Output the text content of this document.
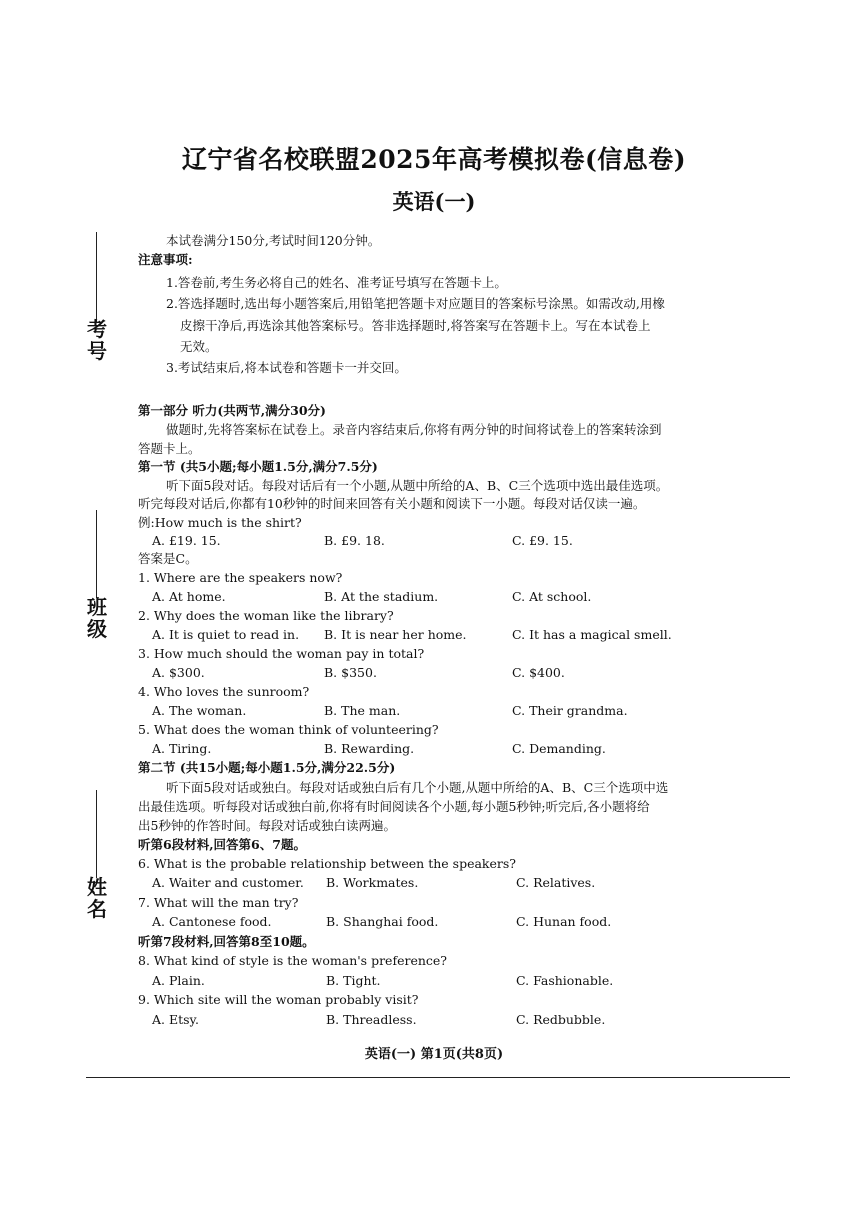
辽宁省名校联盟2025年高考模拟卷(信息卷)
英语(一)
考号
班级
姓名
本试卷满分150分,考试时间120分钟。
注意事项:
1.答卷前,考生务必将自己的姓名、准考证号填写在答题卡上。
2.答选择题时,选出每小题答案后,用铅笔把答题卡对应题目的答案标号涂黑。如需改动,用橡
皮擦干净后,再选涂其他答案标号。答非选择题时,将答案写在答题卡上。写在本试卷上
无效。
3.考试结束后,将本试卷和答题卡一并交回。
第一部分 听力(共两节,满分30分)
做题时,先将答案标在试卷上。录音内容结束后,你将有两分钟的时间将试卷上的答案转涂到
答题卡上。
第一节 (共5小题;每小题1.5分,满分7.5分)
听下面5段对话。每段对话后有一个小题,从题中所给的A、B、C三个选项中选出最佳选项。
听完每段对话后,你都有10秒钟的时间来回答有关小题和阅读下一小题。每段对话仅读一遍。
例:How much is the shirt?
A. £19. 15.	B. £9. 18.	C. £9. 15.
答案是C。
1. Where are the speakers now?
A. At home.	B. At the stadium.	C. At school.
2. Why does the woman like the library?
A. It is quiet to read in. B. It is near her home.	C. It has a magical smell.
3. How much should the woman pay in total?
A. $300.	B. $350.	C. $400.
4. Who loves the sunroom?
A. The woman.	B. The man.	C. Their grandma.
5. What does the woman think of volunteering?
A. Tiring.	B. Rewarding.	C. Demanding.
第二节 (共15小题;每小题1.5分,满分22.5分)
听下面5段对话或独白。每段对话或独白后有几个小题,从题中所给的A、B、C三个选项中选
出最佳选项。听每段对话或独白前,你将有时间阅读各个小题,每小题5秒钟;听完后,各小题将给
出5秒钟的作答时间。每段对话或独白读两遍。
听第6段材料,回答第6、7题。
6. What is the probable relationship between the speakers?
A. Waiter and customer. B. Workmates.	C. Relatives.
7. What will the man try?
A. Cantonese food.	B. Shanghai food.	C. Hunan food.
听第7段材料,回答第8至10题。
8. What kind of style is the woman's preference?
A. Plain.	B. Tight.	C. Fashionable.
9. Which site will the woman probably visit?
A. Etsy.	B. Threadless.	C. Redbubble.
英语(一) 第1页(共8页)
